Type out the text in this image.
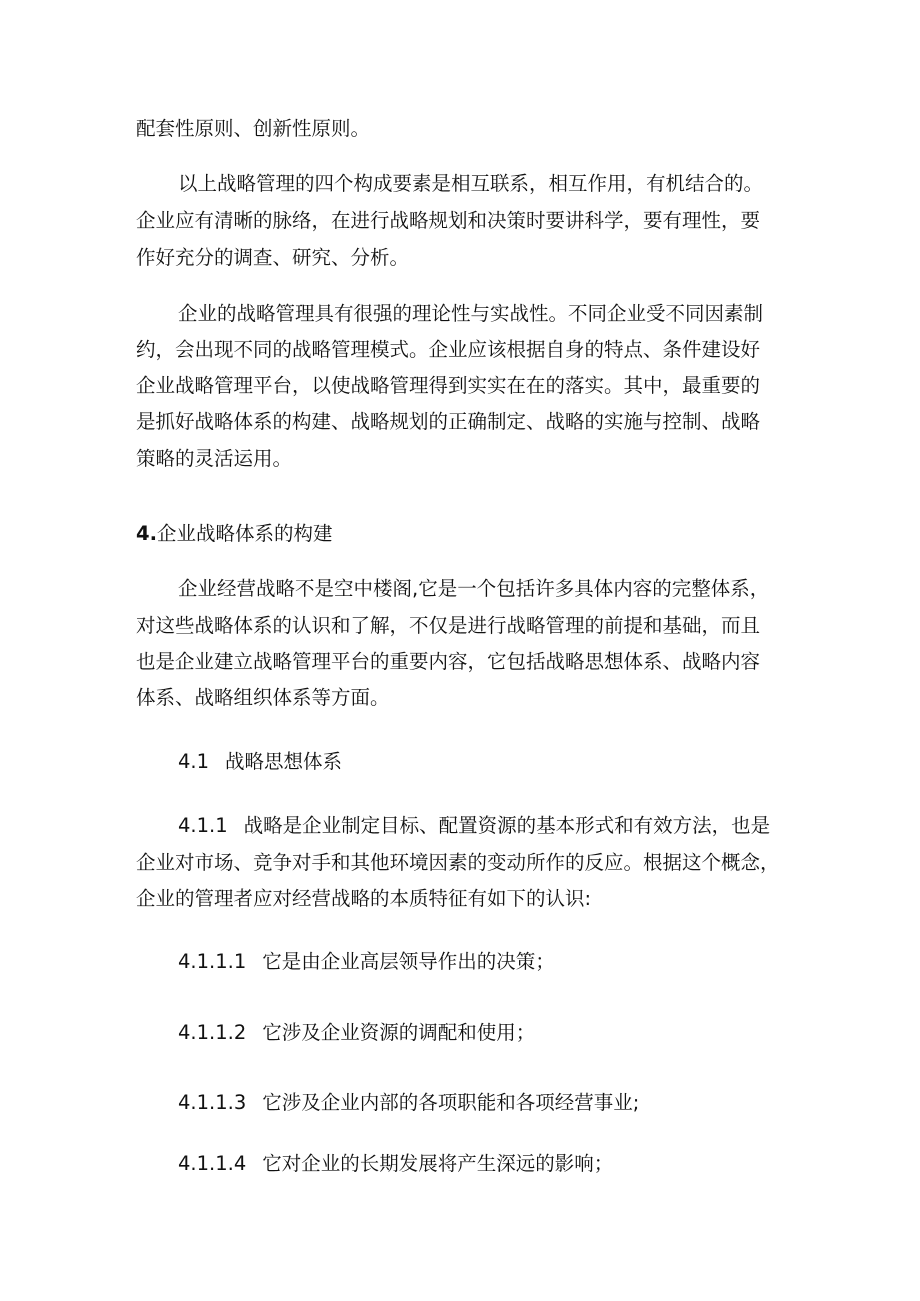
配套性原则、创新性原则。
以上战略管理的四个构成要素是相互联系，相互作用，有机结合的。
企业应有清晰的脉络，在进行战略规划和决策时要讲科学，要有理性，要
作好充分的调查、研究、分析。
企业的战略管理具有很强的理论性与实战性。不同企业受不同因素制
约，会出现不同的战略管理模式。企业应该根据自身的特点、条件建设好
企业战略管理平台，以使战略管理得到实实在在的落实。其中，最重要的
是抓好战略体系的构建、战略规划的正确制定、战略的实施与控制、战略
策略的灵活运用。
4.企业战略体系的构建
企业经营战略不是空中楼阁,它是一个包括许多具体内容的完整体系，
对这些战略体系的认识和了解，不仅是进行战略管理的前提和基础，而且
也是企业建立战略管理平台的重要内容，它包括战略思想体系、战略内容
体系、战略组织体系等方面。
4.1 战略思想体系
4.1.1 战略是企业制定目标、配置资源的基本形式和有效方法，也是
企业对市场、竞争对手和其他环境因素的变动所作的反应。根据这个概念，
企业的管理者应对经营战略的本质特征有如下的认识:
4.1.1.1 它是由企业高层领导作出的决策；
4.1.1.2 它涉及企业资源的调配和使用；
4.1.1.3 它涉及企业内部的各项职能和各项经营事业;
4.1.1.4 它对企业的长期发展将产生深远的影响；
